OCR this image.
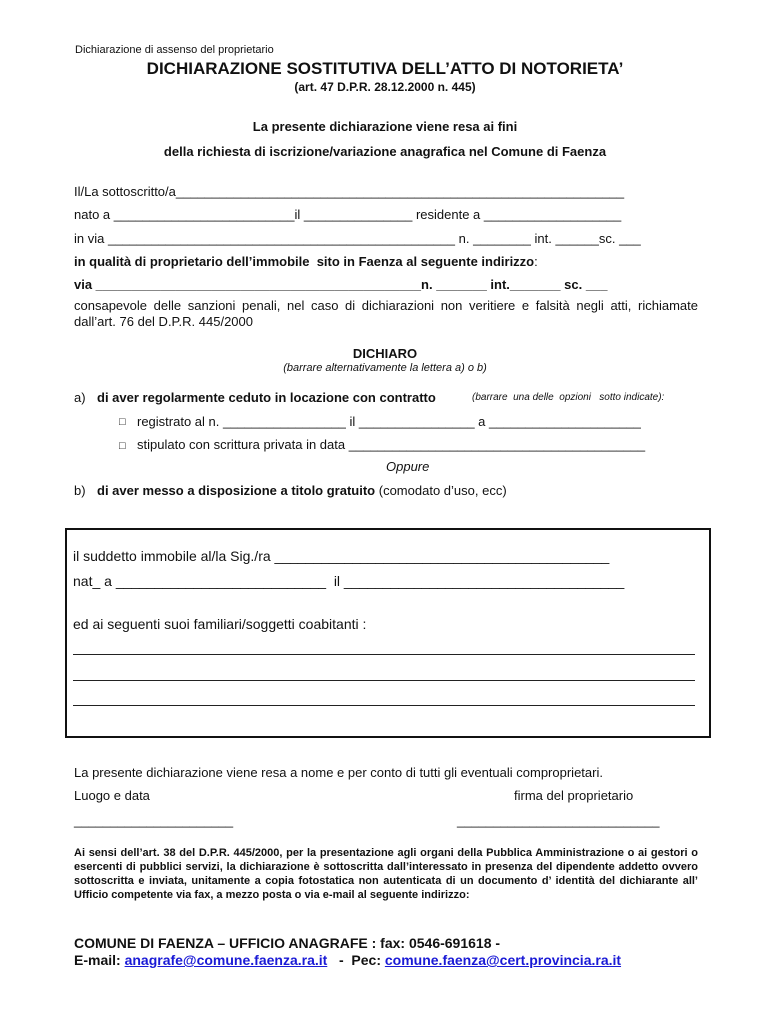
Dichiarazione di assenso del proprietario
DICHIARAZIONE SOSTITUTIVA DELL’ATTO DI NOTORIETA’
(art. 47 D.P.R. 28.12.2000 n. 445)
La presente dichiarazione viene resa ai fini
della richiesta di iscrizione/variazione anagrafica nel Comune di Faenza
Il/La sottoscritto/a______________________________________________________________
nato a _________________________il _______________ residente a ___________________
in via ________________________________________________ n. ________ int. ______sc. ___
in qualità di proprietario dell’immobile  sito in Faenza al seguente indirizzo:
via _____________________________________________n. _______ int._______ sc. ___
consapevole delle sanzioni penali, nel caso di dichiarazioni non veritiere e falsità negli atti, richiamate dall’art. 76 del D.P.R. 445/2000
DICHIARO
(barrare alternativamente la lettera a) o b)
a) di aver regolarmente ceduto in locazione con contratto	(barrare  una delle  opzioni   sotto indicate):
□ registrato al n. _________________ il ________________ a _____________________
□ stipulato con scrittura privata in data _________________________________________
Oppure
b) di aver messo a disposizione a titolo gratuito (comodato d’uso, ecc)
il suddetto immobile al/la Sig./ra ___________________________________________
nat_ a ___________________________  il ____________________________________
ed ai seguenti suoi familiari/soggetti coabitanti :
La presente dichiarazione viene resa a nome e per conto di tutti gli eventuali comproprietari.
Luogo e data	firma del proprietario
______________________	____________________________
Ai sensi dell’art. 38 del D.P.R. 445/2000, per la presentazione agli organi della Pubblica Amministrazione o ai gestori o esercenti di pubblici servizi, la dichiarazione è sottoscritta dall’interessato in presenza del dipendente addetto ovvero sottoscritta e inviata, unitamente a copia fotostatica non autenticata di un documento d’ identità del dichiarante all’ Ufficio competente via fax, a mezzo posta o via e-mail al seguente indirizzo:
COMUNE DI FAENZA – UFFICIO ANAGRAFE : fax: 0546-691618 -
E-mail: anagrafe@comune.faenza.ra.it -  Pec: comune.faenza@cert.provincia.ra.it
